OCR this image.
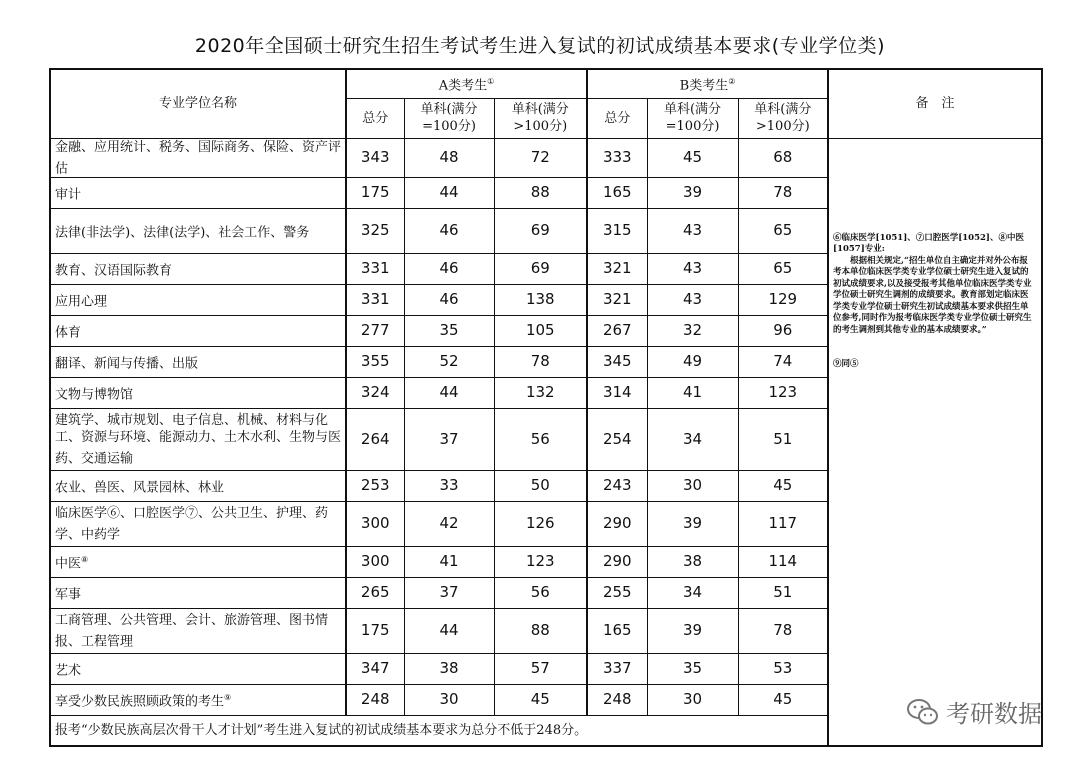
2020年全国硕士研究生招生考试考生进入复试的初试成绩基本要求(专业学位类)
专业学位名称	A类考生①			B类考生②			备　注
	总分	单科(满分=100分)	单科(满分>100分)	总分	单科(满分=100分)	单科(满分>100分)	
金融、应用统计、税务、国际商务、保险、资产评估	343	48	72	333	45	68	⑥临床医学[1051]、⑦口腔医学[1052]、⑧中医[1057]专业:

根据相关规定,“招生单位自主确定并对外公布报考本单位临床医学类专业学位硕士研究生进入复试的初试成绩要求,以及接受报考其他单位临床医学类专业学位硕士研究生调剂的成绩要求。教育部划定临床医学类专业学位硕士研究生初试成绩基本要求供招生单位参考,同时作为报考临床医学类专业学位硕士研究生的考生调剂到其他专业的基本成绩要求。”

⑨同⑤

审计	175	44	88	165	39	78	
法律(非法学)、法律(法学)、社会工作、警务	325	46	69	315	43	65	
教育、汉语国际教育	331	46	69	321	43	65	
应用心理	331	46	138	321	43	129	
体育	277	35	105	267	32	96	
翻译、新闻与传播、出版	355	52	78	345	49	74	
文物与博物馆	324	44	132	314	41	123	
建筑学、城市规划、电子信息、机械、材料与化工、资源与环境、能源动力、土木水利、生物与医药、交通运输	264	37	56	254	34	51	
农业、兽医、风景园林、林业	253	33	50	243	30	45	
临床医学⑥、口腔医学⑦、公共卫生、护理、药学、中药学	300	42	126	290	39	117	
中医⑧	300	41	123	290	38	114	
军事	265	37	56	255	34	51	
工商管理、公共管理、会计、旅游管理、图书情报、工程管理	175	44	88	165	39	78	
艺术	347	38	57	337	35	53	
享受少数民族照顾政策的考生⑨	248	30	45	248	30	45	
报考“少数民族高层次骨干人才计划”考生进入复试的初试成绩基本要求为总分不低于248分。							
考研数据
